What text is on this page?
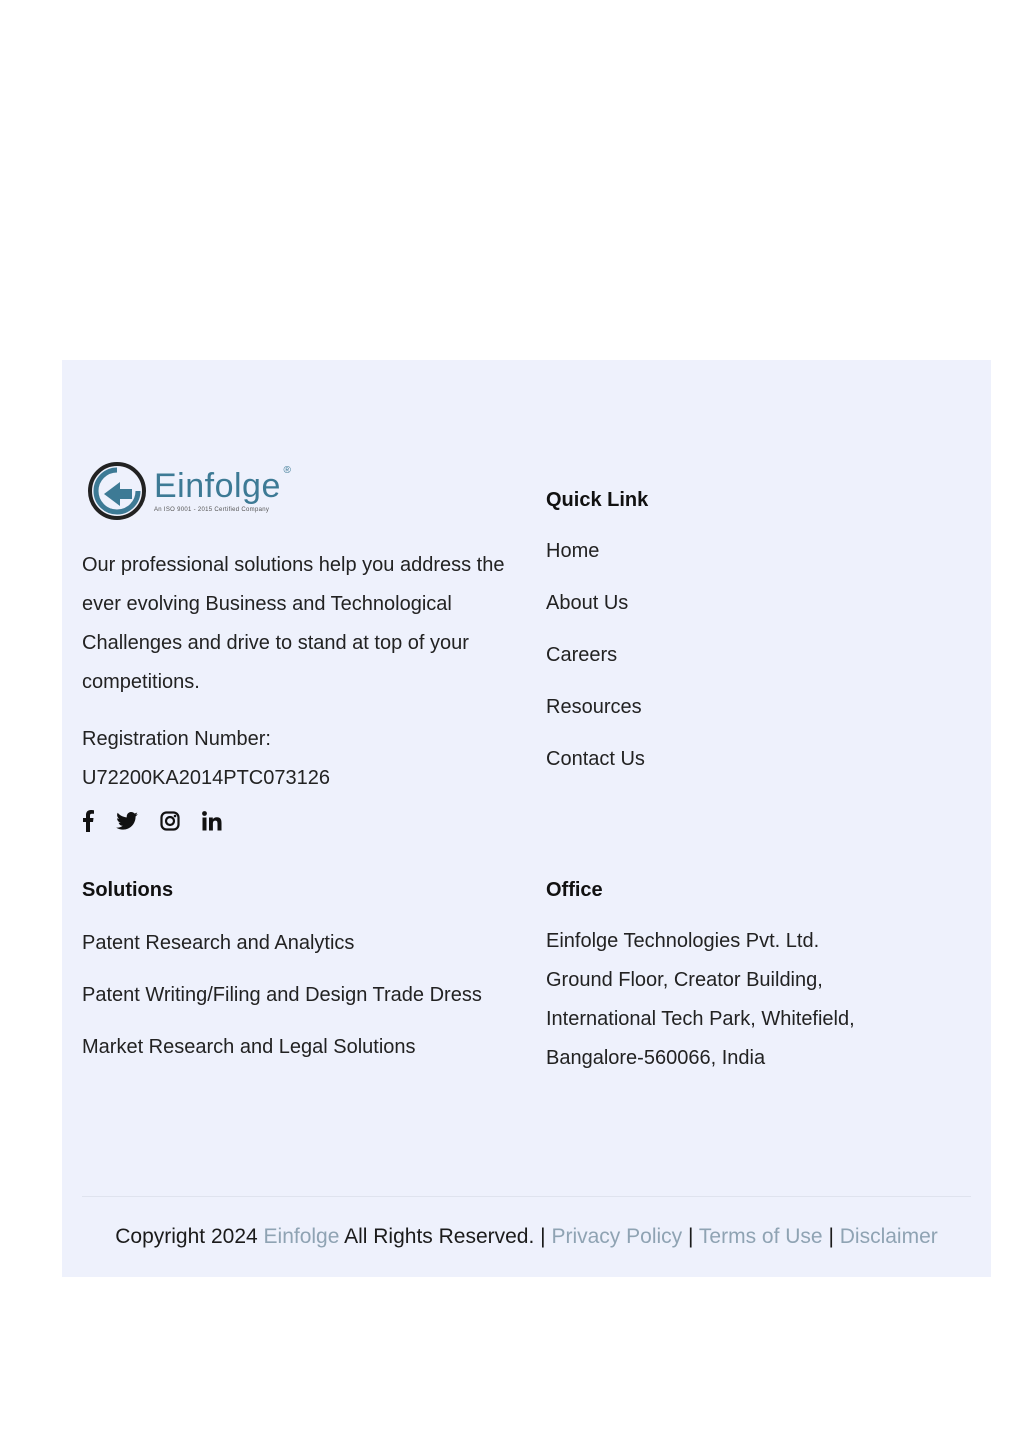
Einfolge ®
An ISO 9001 - 2015 Certified Company

Our professional solutions help you address the ever evolving Business and Technological Challenges and drive to stand at top of your competitions.

Registration Number:
U72200KA2014PTC073126
Quick Link
Home
About Us
Careers
Resources
Contact Us
Solutions
Patent Research and Analytics
Patent Writing/Filing and Design Trade Dress
Market Research and Legal Solutions
Office
Einfolge Technologies Pvt. Ltd.
Ground Floor, Creator Building,
International Tech Park, Whitefield,
Bangalore-560066, India
Copyright 2024 Einfolge All Rights Reserved. | Privacy Policy | Terms of Use | Disclaimer
